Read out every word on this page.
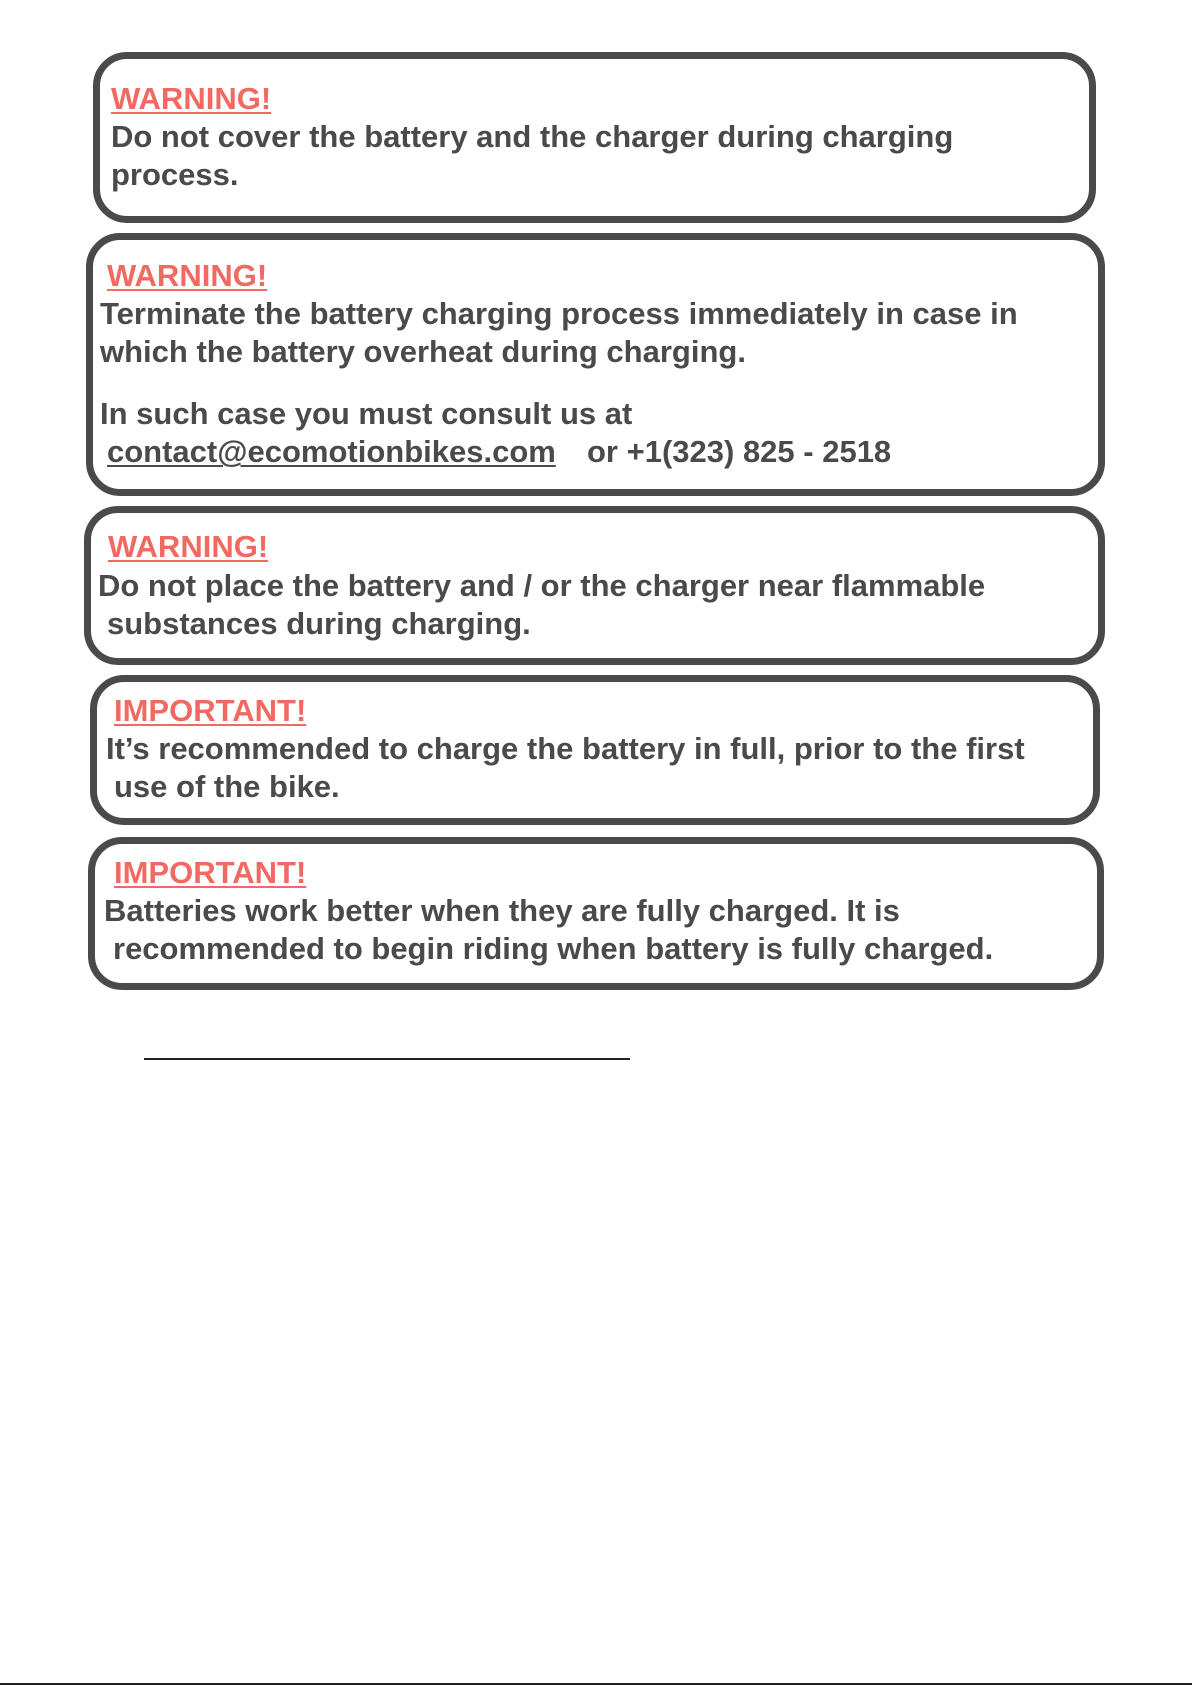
WARNING!
Do not cover the battery and the charger during charging
process.
WARNING!
Terminate the battery charging process immediately in case in
which the battery overheat during charging.
In such case you must consult us at
contact@ecomotionbikes.com or +1(323) 825 - 2518
WARNING!
Do not place the battery and / or the charger near flammable
substances during charging.
IMPORTANT!
It’s recommended to charge the battery in full, prior to the first
use of the bike.
IMPORTANT!
Batteries work better when they are fully charged. It is
recommended to begin riding when battery is fully charged.
